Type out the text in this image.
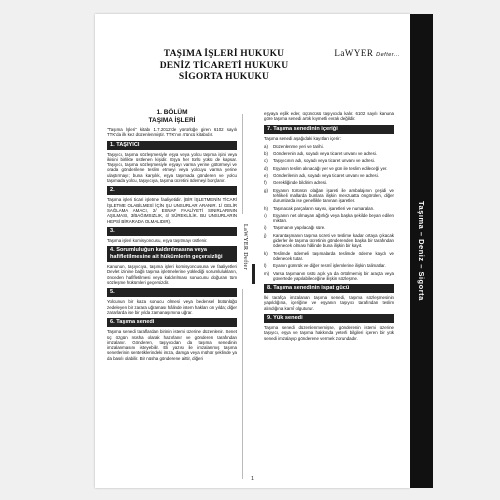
TAŞIMA İŞLERİ HUKUKU
DENİZ TİCARETİ HUKUKU
SİGORTA HUKUKU
LaWYER Defter...
1. BÖLÜM
TAŞIMA İŞLERİ
"Taşıma İşleri" kitabı 1.7.2012'de yürürlüğe giren 6102 sayılı TTK'da ilk kez düzenlenmiştir. TTK'nın 4'üncü kitabıdır.
1. TAŞIYICI
Taşıyıcı, taşıma sözleşmesiyle eşya veya yolcu taşıma işini veya ikisini birlikte üstlenen kişidir. Eşya her türlü yükü de kapsar. Taşıyıcı, taşıma sözleşmesiyle eşyayı varma yerine götürmeyi ve orada gönderilene teslim etmeyi veya yolcuyu varma yerine ulaştırmayı; buna karşılık, eşya taşımada gönderen ve yolcu taşımada yolcu, taşıyıcıya, taşıma ücretini ödemeyi borçlanır.
2.
Taşıma işleri ticari işletme faaliyetidir. (BİR İŞLETMENİN TİCARİ İŞLETME OLABİLMESİ İÇİN ŞU UNSURLAR ARANIR. 1/ GELİR SAĞLAMA AMACI, 2/ ESNAF FAALİYETİ SINIRLARININ AŞILMASI, 3/BAĞIMSIZLIK, 4/ SÜREKLİLİK. BU UNSURLARIN HEPSİ BİRARADA OLMALIDIR).
3.
Taşıma işleri komisyoncusu, eşya taşıtmayı üstlenir.
4. Sorumluluğun kaldırılmasına veya hafifletilmesine ait hükümlerin geçersizliği
Kanunun, taşıyıcıya, taşıma işleri komisyoncusuna ve faaliyetleri Devlet izinine bağlı taşıma işletmelerine yüklediği sorumlulukların, önceden hafifletilmesi veya kaldırılması sonucunu doğuran tüm sözleşme hükümleri geçersizdir.
5.
Yolcunun bir kaza sonucu ölmesi veya bedensel bütünlüğü zedeleyen bir zarara uğraması hâlinde istem hakları on yılda; diğer zararlarda ise bir yılda zamanaşımına uğrar.
6. Taşıma senedi
Taşıma senedi taraflardan birinin istemi üzerine düzenlenir. Senet üç özgün nüsha olarak hazırlanır ve gönderen tarafından imzalanır. Gönderen, taşıyıcıdan da taşıma senedinin imzalanmasını isteyebilir. Eli yazısı ile imzalanmış taşıma senetlerinin sentetiklerindeki imza, damga veya mühür şeklinde ya da basılı olabilir. Bir nüsha gönderene aittir, diğeri
LaWYER Defter
eşyaya eşlik eder, üçüncüsü taşıyıcıda kalır. 6102 sayılı kanuna göre taşıma senedi artık kıymetli evrak değildir.
7. Taşıma senedinin içeriği
Taşıma senedi aşağıdaki kayıtları içerir:
a)	Düzenlenme yeri ve tarihi.
b)	Gönderenin adı, soyadı veya ticaret unvanı ve adresi.
c)	Taşıyıcının adı, soyadı veya ticaret unvanı ve adresi.
d)	Eşyanın teslim alınacağı yer ve gün ile teslim edileceği yer.
e)	Gönderilenin adı, soyadı veya ticaret unvanı ve adresi.
f)	Gerekliğinde bildirim adresi.
g)	Eşyanın türünün olağan işareti ile ambalajının çeşidi ve tehlikeli mallarda bunlara ilişkin mevzuatta öngörülen, diğer durumlarda ise genellikle tanınan işaretler.
h)	Taşınacak parçaların sayısı, işaretleri ve numaraları.
ı)	Eşyanın net olmayan ağırlığı veya başka şekilde beyan edilen miktarı.
i)	Taşımanın yapılacağı süre.
j)	Karantaşmanın taşıma ücreti ve teslime kadar ortaya çıkacak giderler ile taşıma ücretinin gönderenden başka bir tarafından ödenecek olması hâlinde buna ilişkin bir kayıt.
k)	Teslimde ödemeli taşımalarda teslimde ödeme kaydı ve ödenecek tutar.
l)	Eyanın gümrük ve diğer resmî işlemlerine ilişkin talimatlar.
m) Varsa taşımanın üstü açık ya da örtülmemiş bir araçta veya güvertede yapılabileceğine ilişkin sözleşme.
8. Taşıma senedinin ispat gücü
İki tarafça imzalanan taşıma senedi, taşıma sözleşmesinin yapıldığına, içeriğine ve eşyanın taşıyıcı tarafından teslim alındığına karnî olguturur.
9. Yük senedi
Taşıma senedi düzenlenmemişse, gönderenin istemi üzerine taşıyıcı, eşya ve taşıma hakkında yeterli bilgileri içeren bir yük senedi imzalayıp gönderene vermek zorundadır.
1
Taşıma – Deniz – Sigorta
